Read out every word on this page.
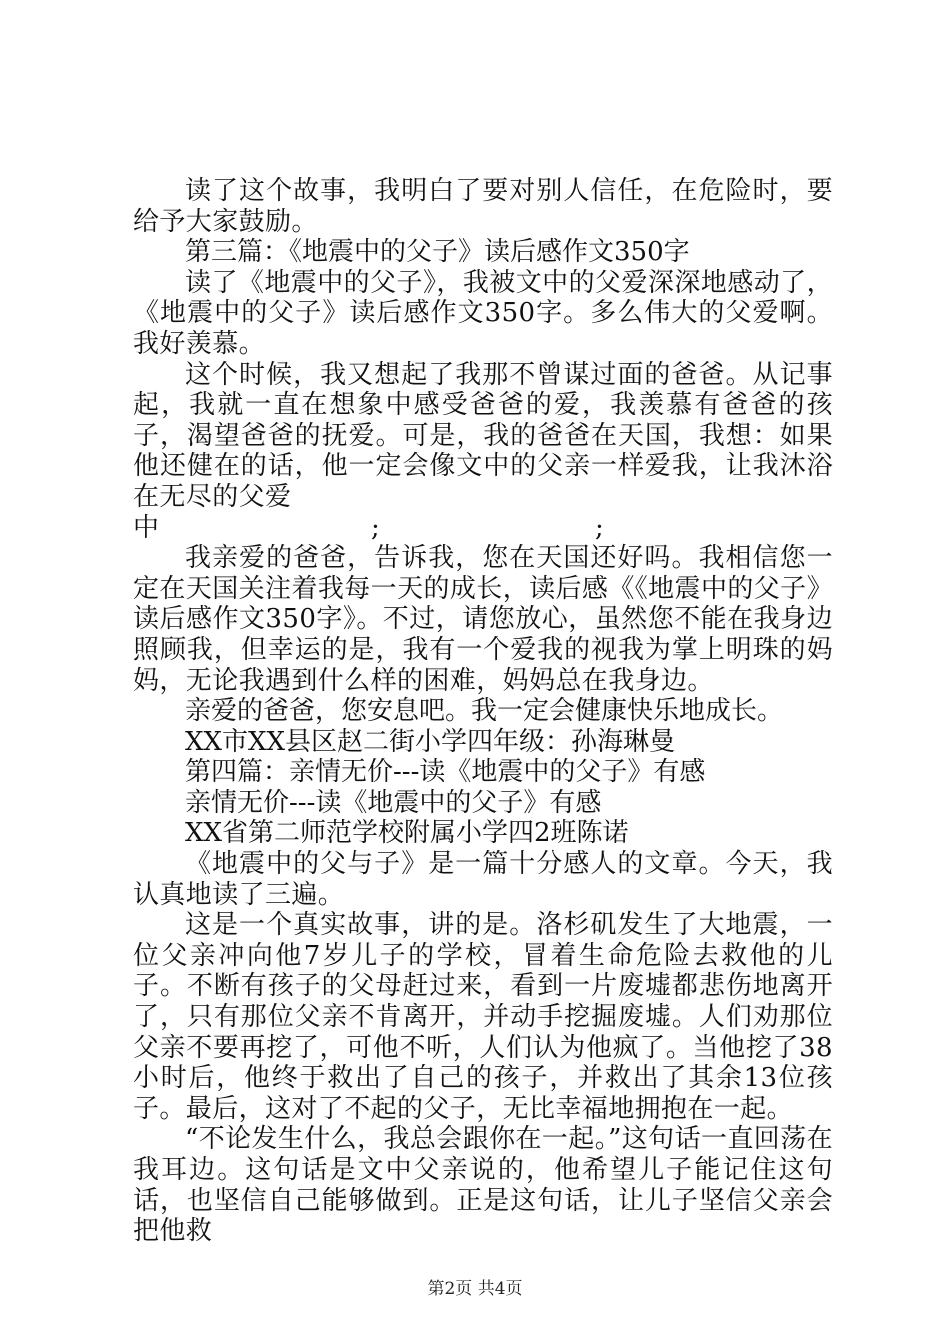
读了这个故事，我明白了要对别人信任，在危险时，要给予大家鼓励。

第三篇：《地震中的父子》读后感作文350字

读了《地震中的父子》，我被文中的父爱深深地感动了，《地震中的父子》读后感作文350字。多么伟大的父爱啊。我好羡慕。

这个时候，我又想起了我那不曾谋过面的爸爸。从记事起，我就一直在想象中感受爸爸的爱，我羡慕有爸爸的孩子，渴望爸爸的抚爱。可是，我的爸爸在天国，我想：如果他还健在的话，他一定会像文中的父亲一样爱我，让我沐浴在无尽的父爱

中	;	;

我亲爱的爸爸，告诉我，您在天国还好吗。我相信您一定在天国关注着我每一天的成长，读后感《《地震中的父子》读后感作文350字》。不过，请您放心，虽然您不能在我身边照顾我，但幸运的是，我有一个爱我的视我为掌上明珠的妈妈，无论我遇到什么样的困难，妈妈总在我身边。

亲爱的爸爸，您安息吧。我一定会健康快乐地成长。

XX市XX县区赵二街小学四年级：孙海琳曼

第四篇：亲情无价---读《地震中的父子》有感

亲情无价---读《地震中的父子》有感

XX省第二师范学校附属小学四2班陈诺

《地震中的父与子》是一篇十分感人的文章。今天，我认真地读了三遍。

这是一个真实故事，讲的是。洛杉矶发生了大地震，一位父亲冲向他7岁儿子的学校，冒着生命危险去救他的儿子。不断有孩子的父母赶过来，看到一片废墟都悲伤地离开了，只有那位父亲不肯离开，并动手挖掘废墟。人们劝那位父亲不要再挖了，可他不听，人们认为他疯了。当他挖了38小时后，他终于救出了自己的孩子，并救出了其余13位孩子。最后，这对了不起的父子，无比幸福地拥抱在一起。

“不论发生什么，我总会跟你在一起。”这句话一直回荡在我耳边。这句话是文中父亲说的，他希望儿子能记住这句话，也坚信自己能够做到。正是这句话，让儿子坚信父亲会把他救

第2页 共4页
